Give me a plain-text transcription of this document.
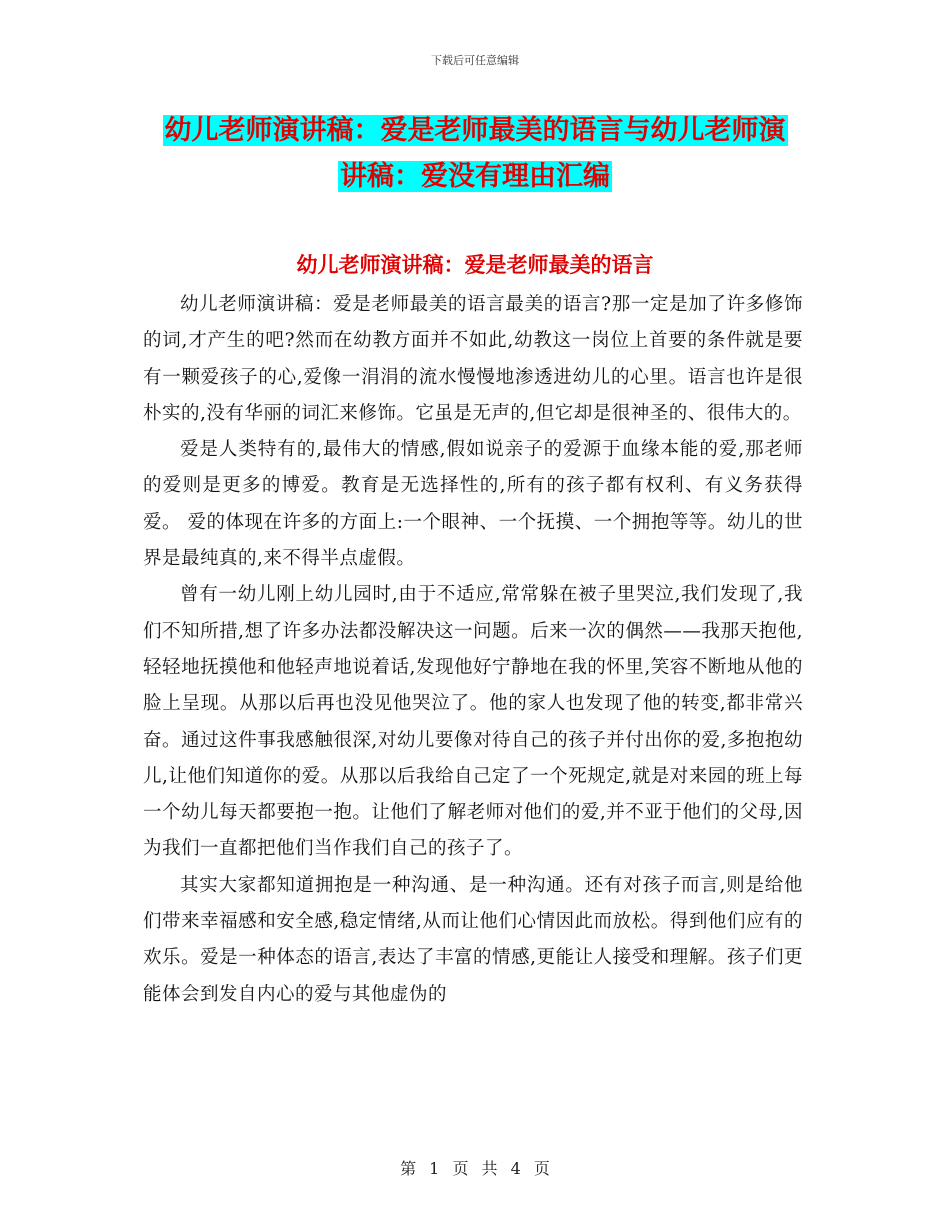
下载后可任意编辑
幼儿老师演讲稿：爱是老师最美的语言与幼儿老师演
讲稿：爱没有理由汇编
幼儿老师演讲稿：爱是老师最美的语言

幼儿老师演讲稿：爱是老师最美的语言最美的语言?那一定是加了许多修饰的词,才产生的吧?然而在幼教方面并不如此,幼教这一岗位上首要的条件就是要有一颗爱孩子的心,爱像一涓涓的流水慢慢地渗透进幼儿的心里。语言也许是很朴实的,没有华丽的词汇来修饰。它虽是无声的,但它却是很神圣的、很伟大的。

爱是人类特有的,最伟大的情感,假如说亲子的爱源于血缘本能的爱,那老师的爱则是更多的博爱。教育是无选择性的,所有的孩子都有权利、有义务获得爱。 爱的体现在许多的方面上:一个眼神、一个抚摸、一个拥抱等等。幼儿的世界是最纯真的,来不得半点虚假。

曾有一幼儿刚上幼儿园时,由于不适应,常常躲在被子里哭泣,我们发现了,我们不知所措,想了许多办法都没解决这一问题。后来一次的偶然——我那天抱他,轻轻地抚摸他和他轻声地说着话,发现他好宁静地在我的怀里,笑容不断地从他的脸上呈现。从那以后再也没见他哭泣了。他的家人也发现了他的转变,都非常兴奋。通过这件事我感触很深,对幼儿要像对待自己的孩子并付出你的爱,多抱抱幼儿,让他们知道你的爱。从那以后我给自己定了一个死规定,就是对来园的班上每一个幼儿每天都要抱一抱。让他们了解老师对他们的爱,并不亚于他们的父母,因为我们一直都把他们当作我们自己的孩子了。

其实大家都知道拥抱是一种沟通、是一种沟通。还有对孩子而言,则是给他们带来幸福感和安全感,稳定情绪,从而让他们心情因此而放松。得到他们应有的欢乐。爱是一种体态的语言,表达了丰富的情感,更能让人接受和理解。孩子们更能体会到发自内心的爱与其他虚伪的

第 1 页 共 4 页
